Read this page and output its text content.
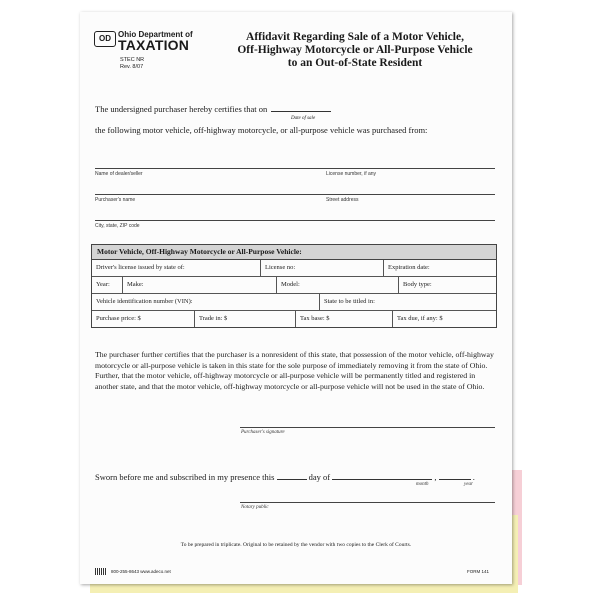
OD Ohio Department of
TAXATION
STEC NR
Rev. 8/07
Affidavit Regarding Sale of a Motor Vehicle,
Off-Highway Motorcycle or All-Purpose Vehicle
to an Out-of-State Resident
The undersigned purchaser hereby certifies that on
Date of sale
the following motor vehicle, off-highway motorcycle, or all-purpose vehicle was purchased from:
Name of dealer/seller	License number, if any
Purchaser's name	Street address
City, state, ZIP code
Motor Vehicle, Off-Highway Motorcycle or All-Purpose Vehicle:
Driver's license issued by state of:	License no:	Expiration date:
Year:	Make:	Model:	Body type:
Vehicle identification number (VIN):	State to be titled in:
Purchase price: $	Trade in: $	Tax base: $	Tax due, if any: $
The purchaser further certifies that the purchaser is a nonresident of this state, that possession of the motor vehicle, off-highway motorcycle or all-purpose vehicle is taken in this state for the sole purpose of immediately removing it from the state of Ohio. Further, that the motor vehicle, off-highway motorcycle or all-purpose vehicle will be permanently titled and registered in another state, and that the motor vehicle, off-highway motorcycle or all-purpose vehicle will not be used in the state of Ohio.
Purchaser's signature
Sworn before me and subscribed in my presence this	day of	,	.
month	year
Notary public
To be prepared in triplicate. Original to be retained by the vendor with two copies to the Clerk of Courts.
800-255-8643 www.adeco.net	FORM 141
